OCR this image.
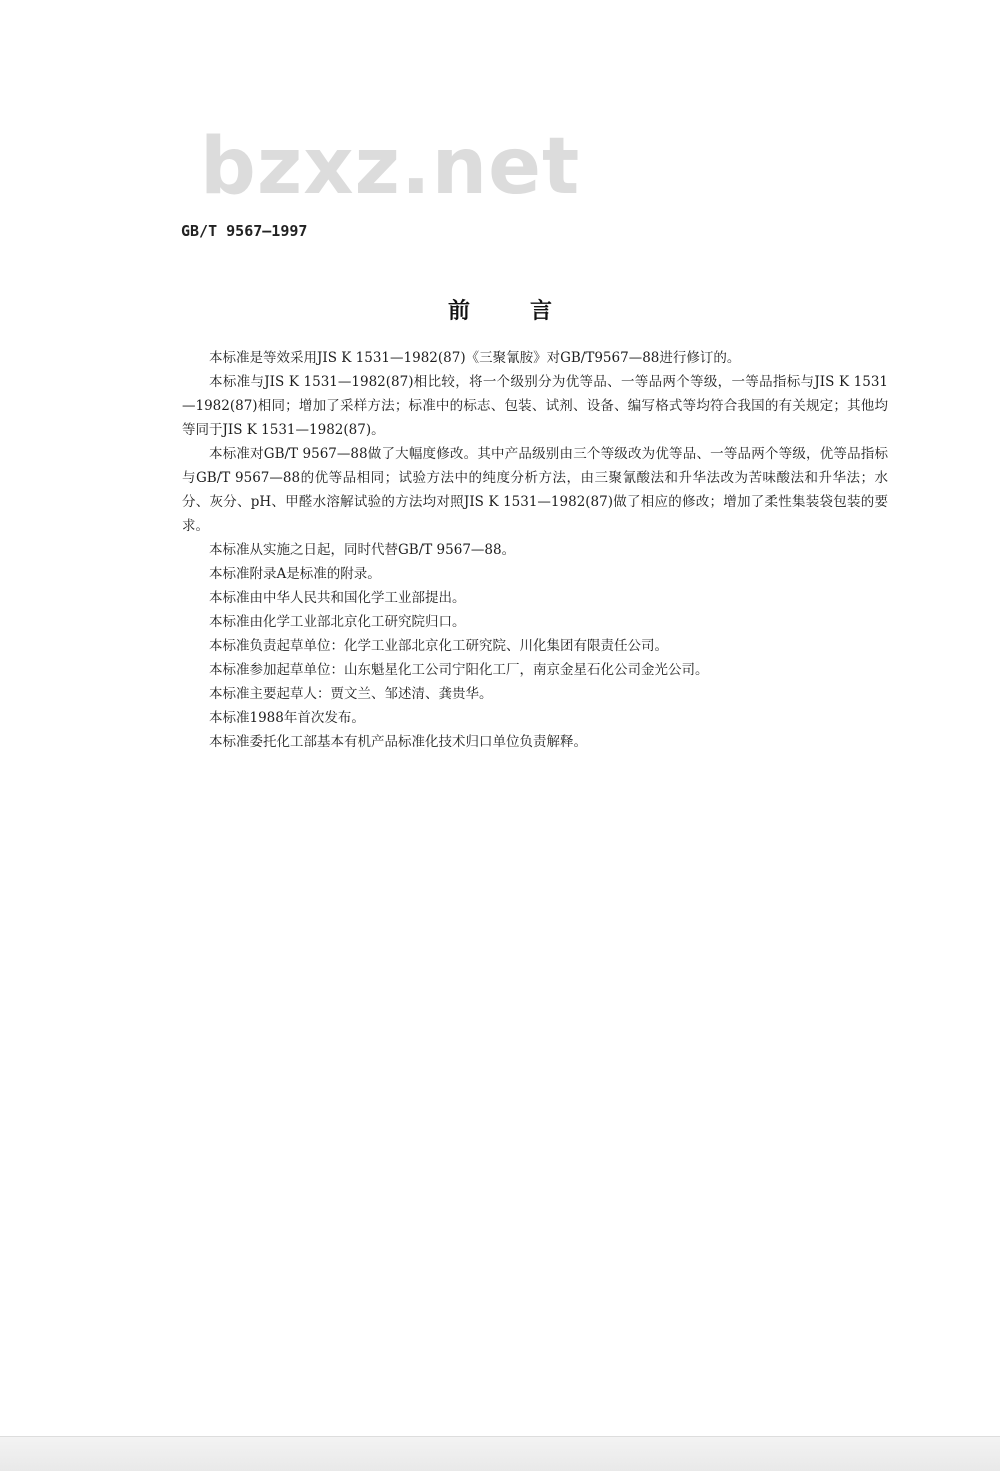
bzxz.net
GB/T 9567—1997
前言

本标准是等效采用JIS K 1531—1982(87)《三聚氰胺》对GB/T9567—88进行修订的。

本标准与JIS K 1531—1982(87)相比较，将一个级别分为优等品、一等品两个等级，一等品指标与JIS K 1531—1982(87)相同；增加了采样方法；标准中的标志、包装、试剂、设备、编写格式等均符合我国的有关规定；其他均等同于JIS K 1531—1982(87)。

本标准对GB/T 9567—88做了大幅度修改。其中产品级别由三个等级改为优等品、一等品两个等级，优等品指标与GB/T 9567—88的优等品相同；试验方法中的纯度分析方法，由三聚氰酸法和升华法改为苦味酸法和升华法；水分、灰分、pH、甲醛水溶解试验的方法均对照JIS K 1531—1982(87)做了相应的修改；增加了柔性集装袋包装的要求。

本标准从实施之日起，同时代替GB/T 9567—88。

本标准附录A是标准的附录。

本标准由中华人民共和国化学工业部提出。

本标准由化学工业部北京化工研究院归口。

本标准负责起草单位：化学工业部北京化工研究院、川化集团有限责任公司。

本标准参加起草单位：山东魁星化工公司宁阳化工厂，南京金星石化公司金光公司。

本标准主要起草人：贾文兰、邹述清、龚贵华。

本标准1988年首次发布。

本标准委托化工部基本有机产品标准化技术归口单位负责解释。
